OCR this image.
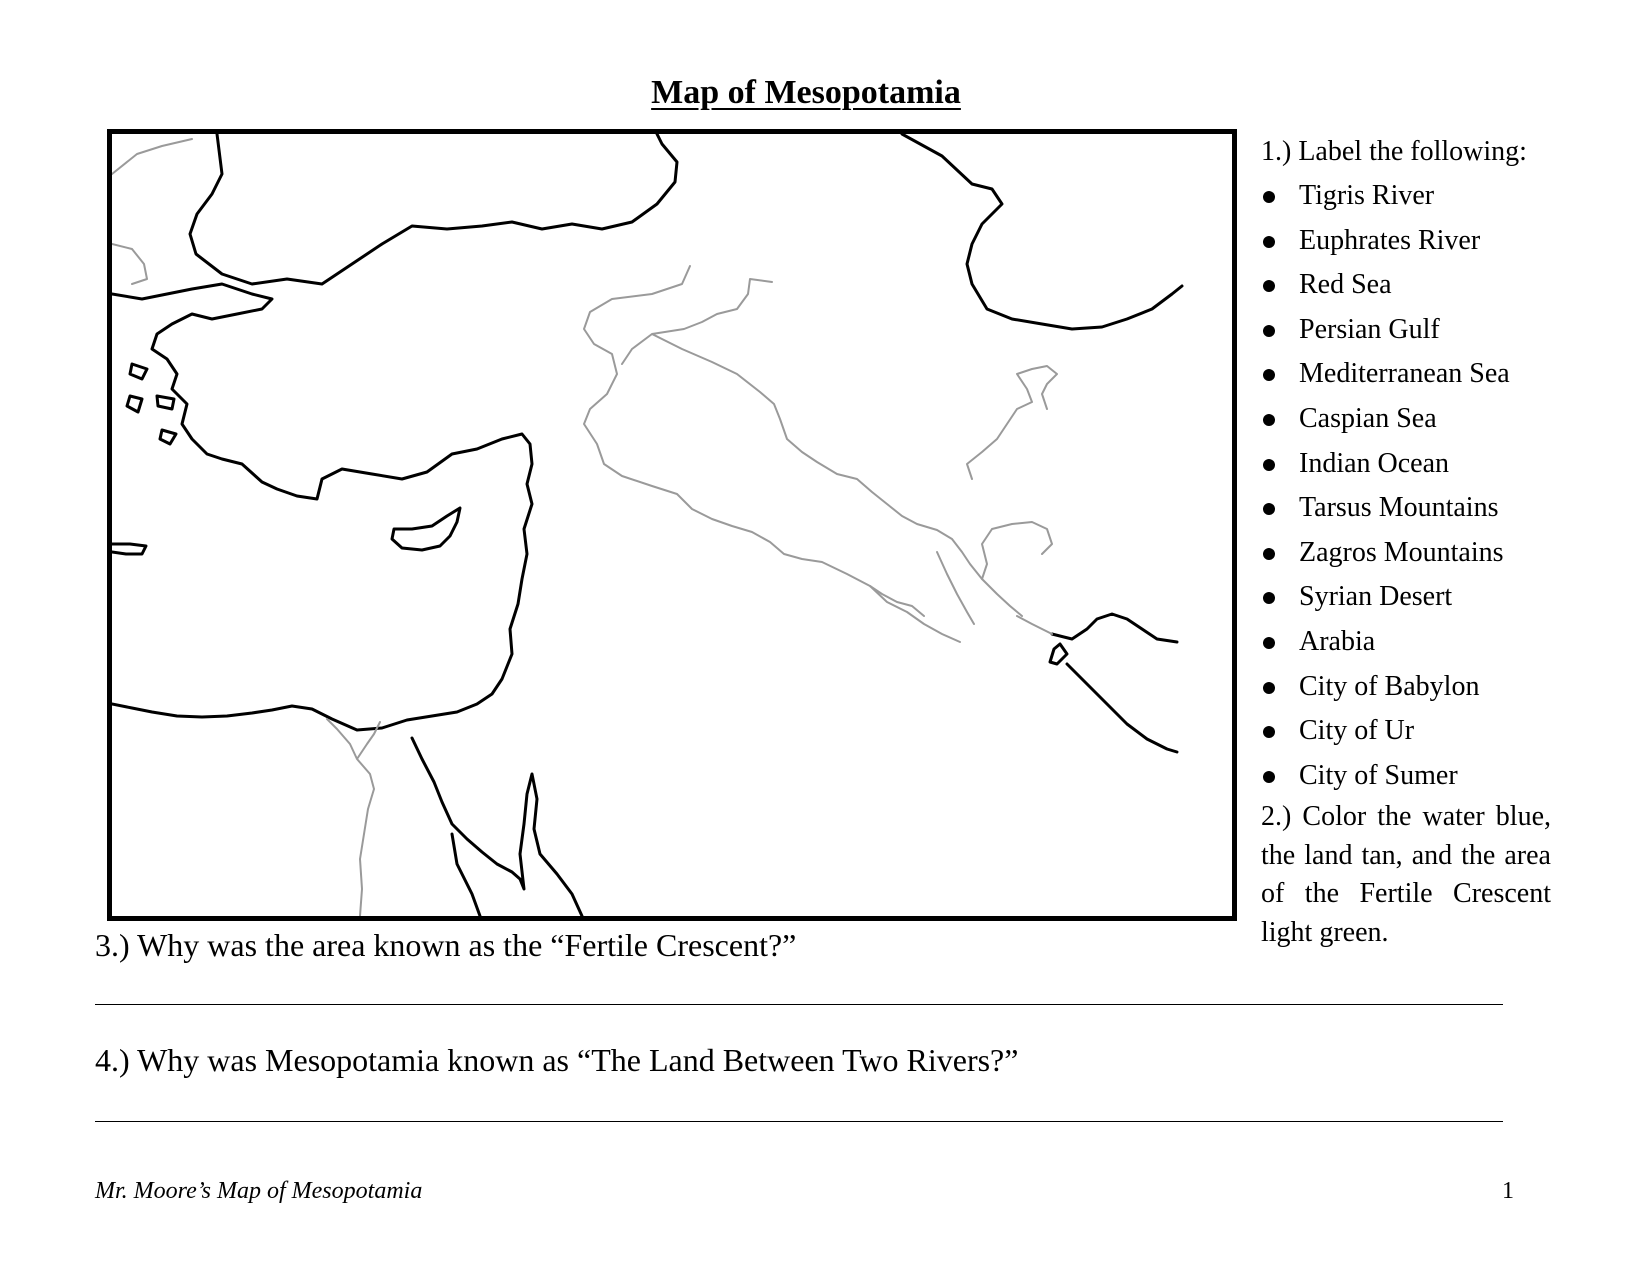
Map of Mesopotamia
1.) Label the following:
Tigris River
Euphrates River
Red Sea
Persian Gulf
Mediterranean Sea
Caspian Sea
Indian Ocean
Tarsus Mountains
Zagros Mountains
Syrian Desert
Arabia
City of Babylon
City of Ur
City of Sumer
2.) Color the water blue, the land tan, and the area of the Fertile Crescent light green.
3.) Why was the area known as the “Fertile Crescent?”
4.) Why was Mesopotamia known as “The Land Between Two Rivers?”
Mr. Moore’s Map of Mesopotamia	1
